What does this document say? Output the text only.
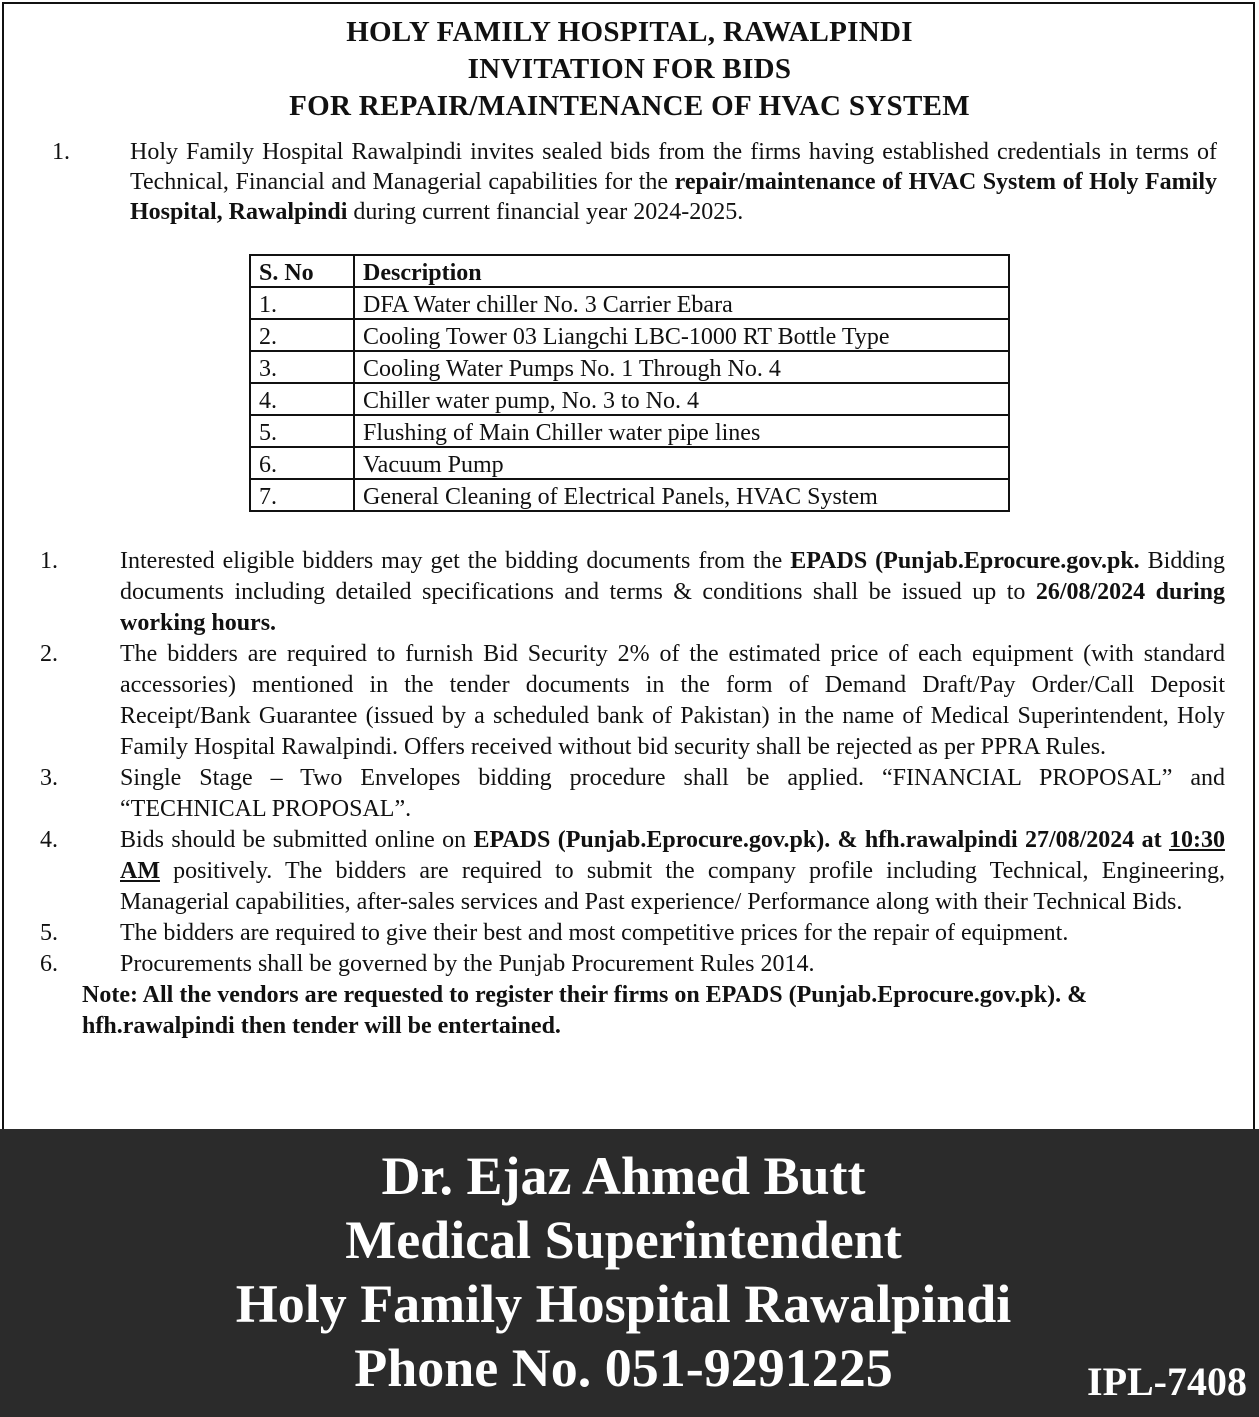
HOLY FAMILY HOSPITAL, RAWALPINDI
INVITATION FOR BIDS
FOR REPAIR/MAINTENANCE OF HVAC SYSTEM
1.	Holy Family Hospital Rawalpindi invites sealed bids from the firms having established credentials in terms of Technical, Financial and Managerial capabilities for the repair/maintenance of HVAC System of Holy Family Hospital, Rawalpindi during current financial year 2024-2025.
S. No	Description
1.	DFA Water chiller No. 3 Carrier Ebara
2.	Cooling Tower 03 Liangchi LBC-1000 RT Bottle Type
3.	Cooling Water Pumps No. 1 Through No. 4
4.	Chiller water pump, No. 3 to No. 4
5.	Flushing of Main Chiller water pipe lines
6.	Vacuum Pump
7.	General Cleaning of Electrical Panels, HVAC System
1.	Interested eligible bidders may get the bidding documents from the EPADS (Punjab.Eprocure.gov.pk. Bidding documents including detailed specifications and terms & conditions shall be issued up to 26/08/2024 during working hours.
2.	The bidders are required to furnish Bid Security 2% of the estimated price of each equipment (with standard accessories) mentioned in the tender documents in the form of Demand Draft/Pay Order/Call Deposit Receipt/Bank Guarantee (issued by a scheduled bank of Pakistan) in the name of Medical Superintendent, Holy Family Hospital Rawalpindi. Offers received without bid security shall be rejected as per PPRA Rules.
3.	Single Stage – Two Envelopes bidding procedure shall be applied. “FINANCIAL PROPOSAL” and “TECHNICAL PROPOSAL”.
4.	Bids should be submitted online on EPADS (Punjab.Eprocure.gov.pk). & hfh.rawalpindi 27/08/2024 at 10:30 AM positively. The bidders are required to submit the company profile including Technical, Engineering, Managerial capabilities, after-sales services and Past experience/ Performance along with their Technical Bids.
5.	The bidders are required to give their best and most competitive prices for the repair of equipment.
6.	Procurements shall be governed by the Punjab Procurement Rules 2014.
Note: All the vendors are requested to register their firms on EPADS (Punjab.Eprocure.gov.pk). & hfh.rawalpindi then tender will be entertained.
Dr. Ejaz Ahmed Butt
Medical Superintendent
Holy Family Hospital Rawalpindi
Phone No. 051-9291225	IPL-7408
